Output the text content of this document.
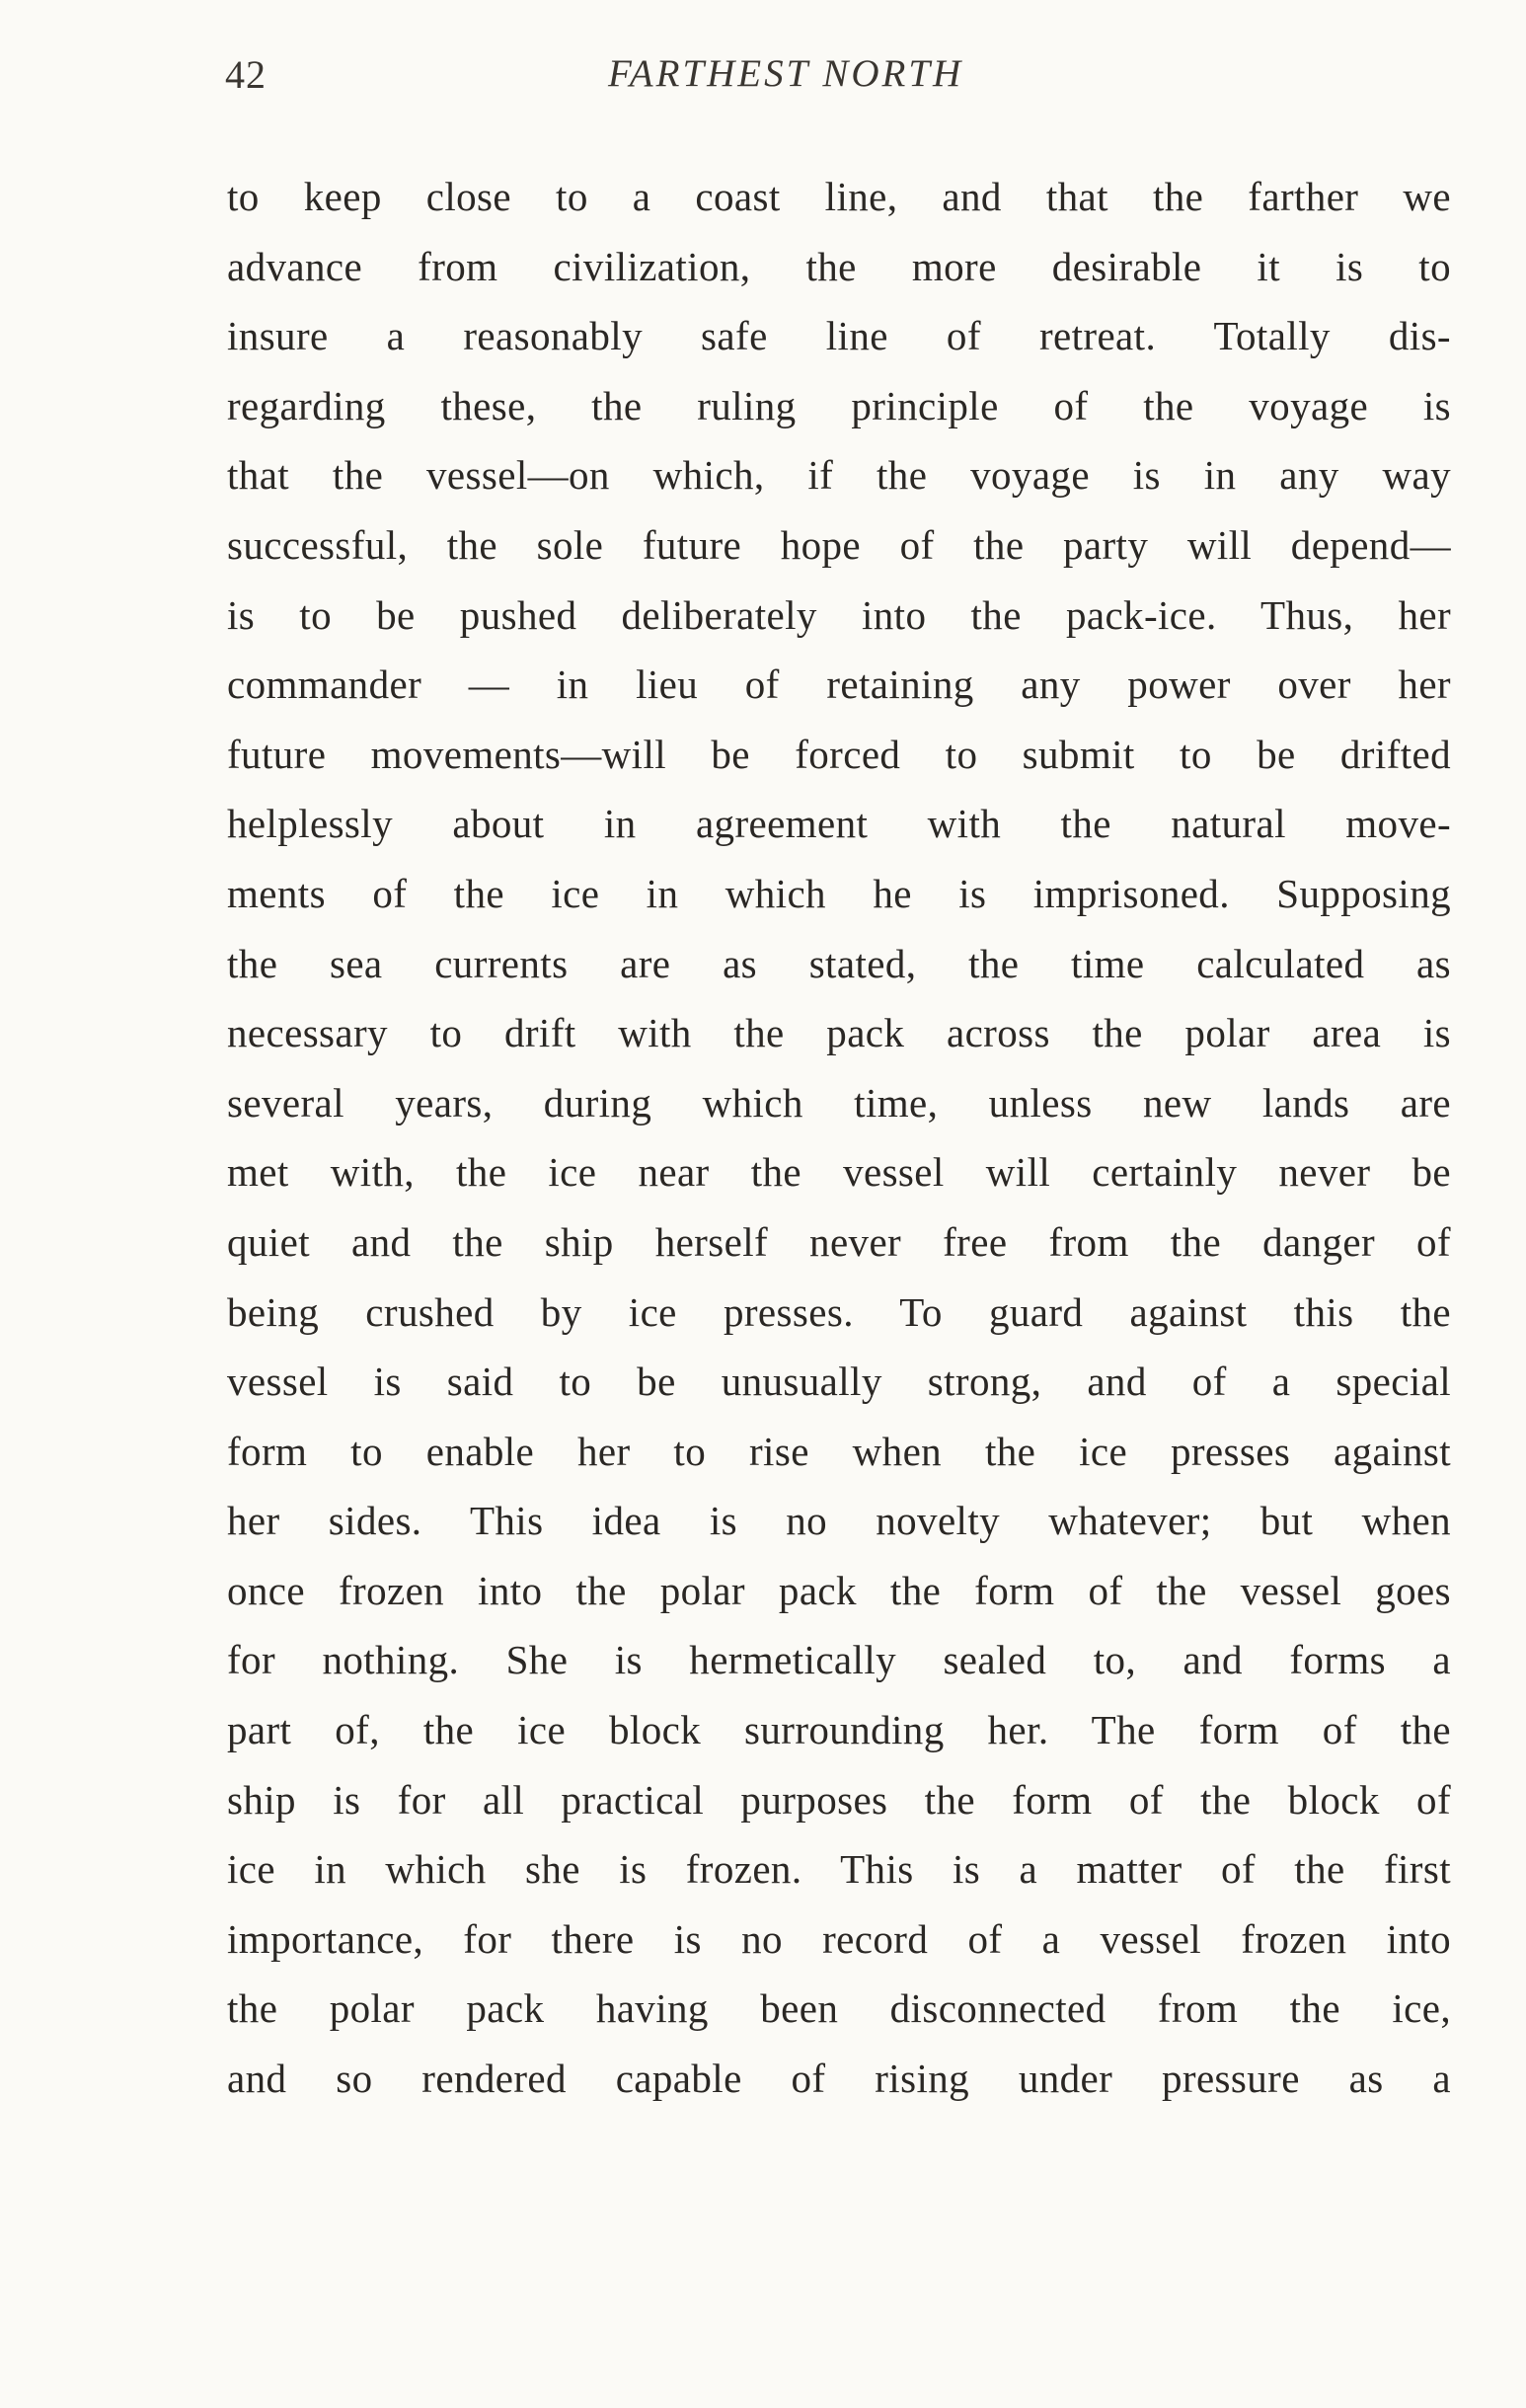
42	FARTHEST NORTH
to keep close to a coast line, and that the farther we
advance from civilization, the more desirable it is to
insure a reasonably safe line of retreat. Totally dis-
regarding these, the ruling principle of the voyage is
that the vessel—on which, if the voyage is in any way
successful, the sole future hope of the party will depend—
is to be pushed deliberately into the pack-ice. Thus, her
commander — in lieu of retaining any power over her
future movements—will be forced to submit to be drifted
helplessly about in agreement with the natural move-
ments of the ice in which he is imprisoned. Supposing
the sea currents are as stated, the time calculated as
necessary to drift with the pack across the polar area is
several years, during which time, unless new lands are
met with, the ice near the vessel will certainly never be
quiet and the ship herself never free from the danger of
being crushed by ice presses. To guard against this the
vessel is said to be unusually strong, and of a special
form to enable her to rise when the ice presses against
her sides. This idea is no novelty whatever; but when
once frozen into the polar pack the form of the vessel goes
for nothing. She is hermetically sealed to, and forms a
part of, the ice block surrounding her. The form of the
ship is for all practical purposes the form of the block of
ice in which she is frozen. This is a matter of the first
importance, for there is no record of a vessel frozen into
the polar pack having been disconnected from the ice,
and so rendered capable of rising under pressure as a
